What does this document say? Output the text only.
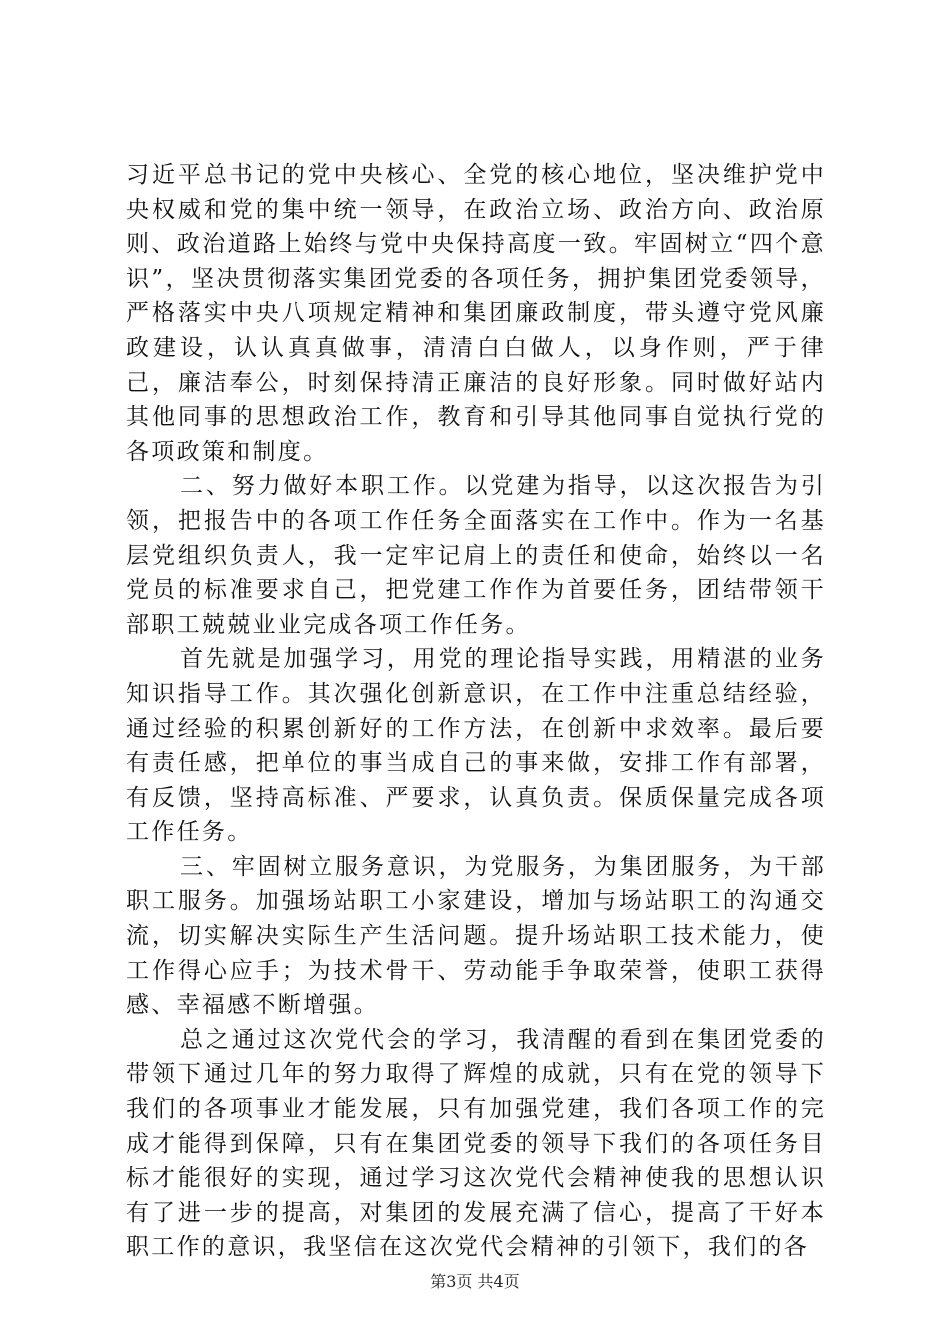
习近平总书记的党中央核心、全党的核心地位，坚决维护党中央权威和党的集中统一领导，在政治立场、政治方向、政治原则、政治道路上始终与党中央保持高度一致。牢固树立“四个意识”，坚决贯彻落实集团党委的各项任务，拥护集团党委领导，严格落实中央八项规定精神和集团廉政制度，带头遵守党风廉政建设，认认真真做事，清清白白做人，以身作则，严于律己，廉洁奉公，时刻保持清正廉洁的良好形象。同时做好站内其他同事的思想政治工作，教育和引导其他同事自觉执行党的各项政策和制度。

二、努力做好本职工作。以党建为指导，以这次报告为引领，把报告中的各项工作任务全面落实在工作中。作为一名基层党组织负责人，我一定牢记肩上的责任和使命，始终以一名党员的标准要求自己，把党建工作作为首要任务，团结带领干部职工兢兢业业完成各项工作任务。

首先就是加强学习，用党的理论指导实践，用精湛的业务知识指导工作。其次强化创新意识，在工作中注重总结经验，通过经验的积累创新好的工作方法，在创新中求效率。最后要有责任感，把单位的事当成自己的事来做，安排工作有部署，有反馈，坚持高标准、严要求，认真负责。保质保量完成各项工作任务。

三、牢固树立服务意识，为党服务，为集团服务，为干部职工服务。加强场站职工小家建设，增加与场站职工的沟通交流，切实解决实际生产生活问题。提升场站职工技术能力，使工作得心应手；为技术骨干、劳动能手争取荣誉，使职工获得感、幸福感不断增强。

总之通过这次党代会的学习，我清醒的看到在集团党委的带领下通过几年的努力取得了辉煌的成就，只有在党的领导下我们的各项事业才能发展，只有加强党建，我们各项工作的完成才能得到保障，只有在集团党委的领导下我们的各项任务目标才能很好的实现，通过学习这次党代会精神使我的思想认识有了进一步的提高，对集团的发展充满了信心，提高了干好本职工作的意识，我坚信在这次党代会精神的引领下，我们的各

第3页 共4页
